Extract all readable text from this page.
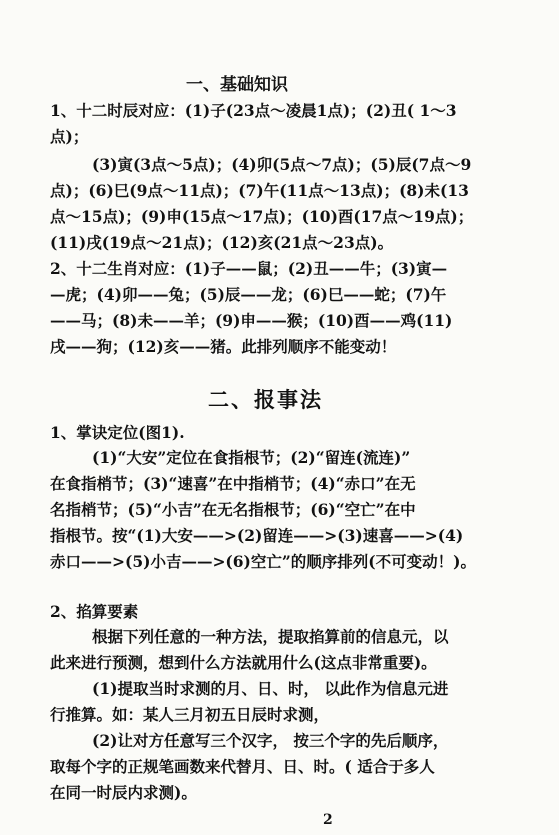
一、基础知识
1、十二时辰对应：(1)子(23点～凌晨1点)；(2)丑( 1～3
点)；
(3)寅(3点～5点)；(4)卯(5点～7点)；(5)辰(7点～9
点)；(6)巳(9点～11点)；(7)午(11点～13点)；(8)未(13
点～15点)；(9)申(15点～17点)；(10)酉(17点～19点)；
(11)戌(19点～21点)；(12)亥(21点～23点)。
2、十二生肖对应：(1)子——鼠；(2)丑——牛；(3)寅—
—虎；(4)卯——兔；(5)辰——龙；(6)巳——蛇；(7)午
——马；(8)未——羊；(9)申——猴；(10)酉——鸡(11)
戌——狗；(12)亥——猪。此排列顺序不能变动！
二、报事法
1、掌诀定位(图1).
(1)“大安”定位在食指根节；(2)“留连(流连)”
在食指梢节；(3)“速喜”在中指梢节；(4)“赤口”在无
名指梢节；(5)“小吉”在无名指根节；(6)“空亡”在中
指根节。按“(1)大安——>(2)留连——>(3)速喜——>(4)
赤口——>(5)小吉——>(6)空亡”的顺序排列(不可变动！)。
2、掐算要素
根据下列任意的一种方法，提取掐算前的信息元，以
此来进行预测，想到什么方法就用什么(这点非常重要)。
(1)提取当时求测的月、日、时， 以此作为信息元进
行推算。如：某人三月初五日辰时求测，
(2)让对方任意写三个汉字， 按三个字的先后顺序，
取每个字的正规笔画数来代替月、日、时。( 适合于多人
在同一时辰内求测)。
2
